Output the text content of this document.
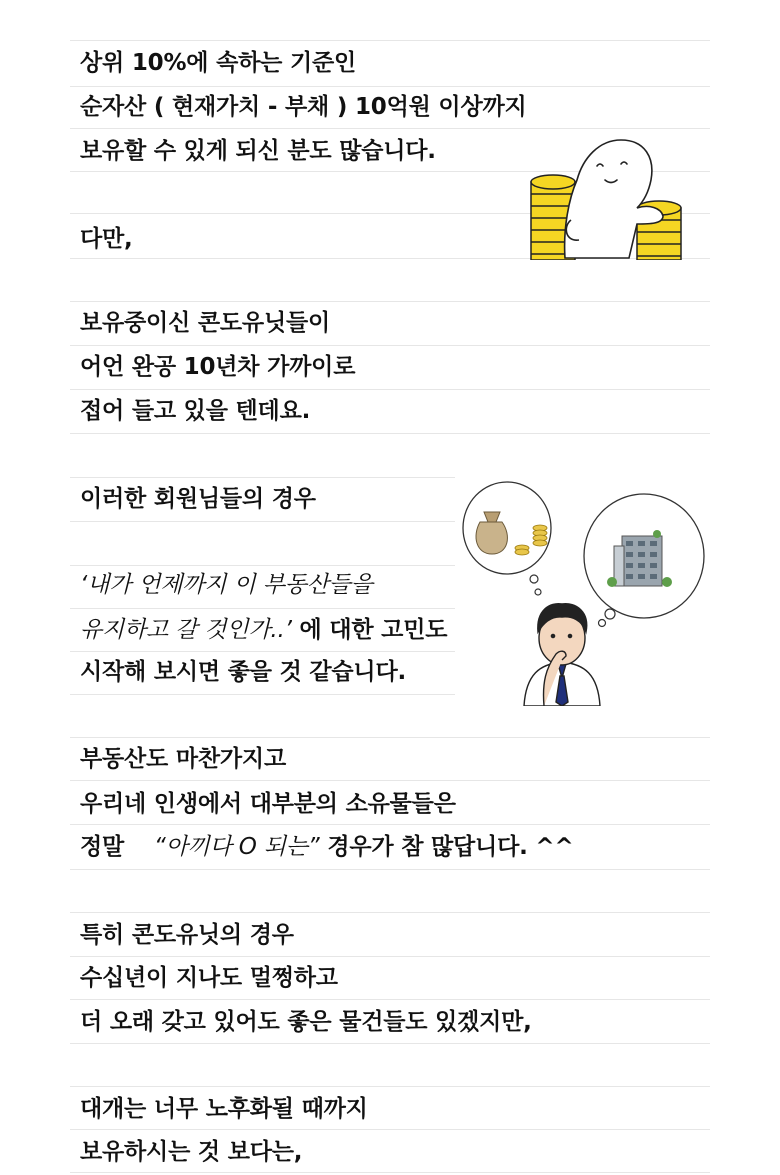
상위 10%에 속하는 기준인
순자산 ( 현재가치 - 부채 ) 10억원 이상까지
보유할 수 있게 되신 분도 많습니다.
다만,
보유중이신 콘도유닛들이
어언 완공 10년차 가까이로
접어 들고 있을 텐데요.
이러한 회원님들의 경우
‘내가 언제까지 이 부동산들을
유지하고 갈 것인가..’ 에 대한 고민도
시작해 보시면 좋을 것 같습니다.
부동산도 마찬가지고
우리네 인생에서 대부분의 소유물들은
정말 “아끼다 O 되는” 경우가 참 많답니다. ^^
특히 콘도유닛의 경우
수십년이 지나도 멀쩡하고
더 오래 갖고 있어도 좋은 물건들도 있겠지만,
대개는 너무 노후화될 때까지
보유하시는 것 보다는,
